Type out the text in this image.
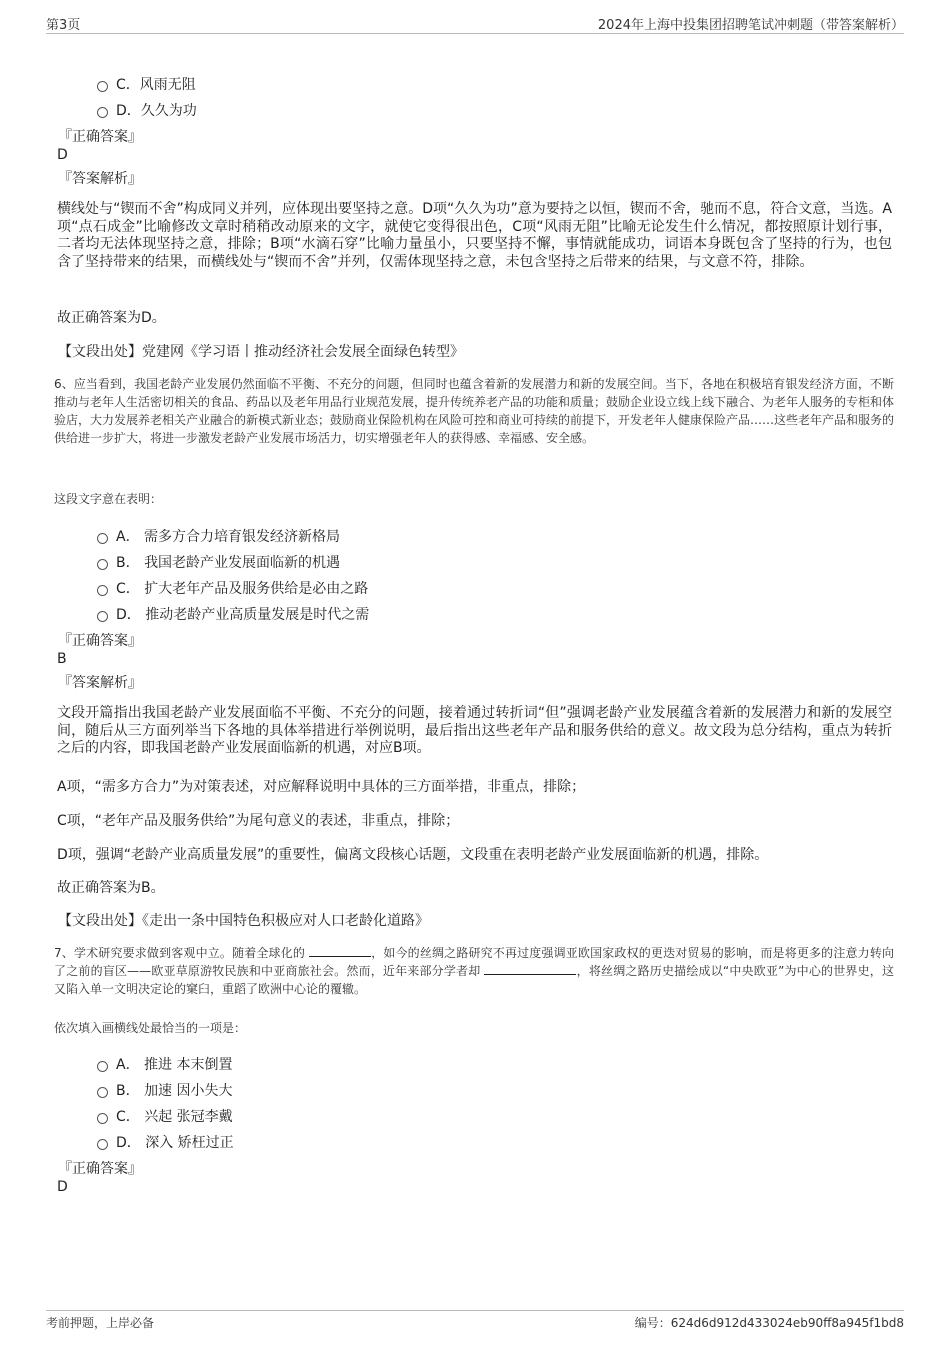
第3页	2024年上海中投集团招聘笔试冲刺题（带答案解析）
C．风雨无阻
D．久久为功
『正确答案』
D
『答案解析』
横线处与“锲而不舍”构成同义并列，应体现出要坚持之意。D项“久久为功”意为要持之以恒，锲而不舍，驰而不息，符合文意，当选。A项“点石成金”比喻修改文章时稍稍改动原来的文字，就使它变得很出色，C项“风雨无阻”比喻无论发生什么情况，都按照原计划行事，二者均无法体现坚持之意，排除；B项“水滴石穿”比喻力量虽小，只要坚持不懈，事情就能成功，词语本身既包含了坚持的行为，也包含了坚持带来的结果，而横线处与“锲而不舍”并列，仅需体现坚持之意，未包含坚持之后带来的结果，与文意不符，排除。
故正确答案为D。
【文段出处】党建网《学习语丨推动经济社会发展全面绿色转型》
6、应当看到，我国老龄产业发展仍然面临不平衡、不充分的问题，但同时也蕴含着新的发展潜力和新的发展空间。当下，各地在积极培育银发经济方面，不断推动与老年人生活密切相关的食品、药品以及老年用品行业规范发展，提升传统养老产品的功能和质量；鼓励企业设立线上线下融合、为老年人服务的专柜和体验店，大力发展养老相关产业融合的新模式新业态；鼓励商业保险机构在风险可控和商业可持续的前提下，开发老年人健康保险产品……这些老年产品和服务的供给进一步扩大，将进一步激发老龄产业发展市场活力，切实增强老年人的获得感、幸福感、安全感。
这段文字意在表明：
A． 需多方合力培育银发经济新格局
B． 我国老龄产业发展面临新的机遇
C． 扩大老年产品及服务供给是必由之路
D． 推动老龄产业高质量发展是时代之需
『正确答案』
B
『答案解析』
文段开篇指出我国老龄产业发展面临不平衡、不充分的问题，接着通过转折词“但”强调老龄产业发展蕴含着新的发展潜力和新的发展空间，随后从三方面列举当下各地的具体举措进行举例说明，最后指出这些老年产品和服务供给的意义。故文段为总分结构，重点为转折之后的内容，即我国老龄产业发展面临新的机遇，对应B项。
A项，“需多方合力”为对策表述，对应解释说明中具体的三方面举措，非重点，排除；
C项，“老年产品及服务供给”为尾句意义的表述，非重点，排除；
D项，强调“老龄产业高质量发展”的重要性，偏离文段核心话题，文段重在表明老龄产业发展面临新的机遇，排除。
故正确答案为B。
【文段出处】《走出一条中国特色积极应对人口老龄化道路》
7、学术研究要求做到客观中立。随着全球化的	，如今的丝绸之路研究不再过度强调亚欧国家政权的更迭对贸易的影响，而是将更多的注意力转向了之前的盲区——欧亚草原游牧民族和中亚商旅社会。然而，近年来部分学者却	，将丝绸之路历史描绘成以“中央欧亚”为中心的世界史，这又陷入单一文明决定论的窠臼，重蹈了欧洲中心论的覆辙。
依次填入画横线处最恰当的一项是：
A． 推进 本末倒置
B． 加速 因小失大
C． 兴起 张冠李戴
D． 深入 矫枉过正
『正确答案』
D
考前押题，上岸必备	编号：624d6d912d433024eb90ff8a945f1bd8
